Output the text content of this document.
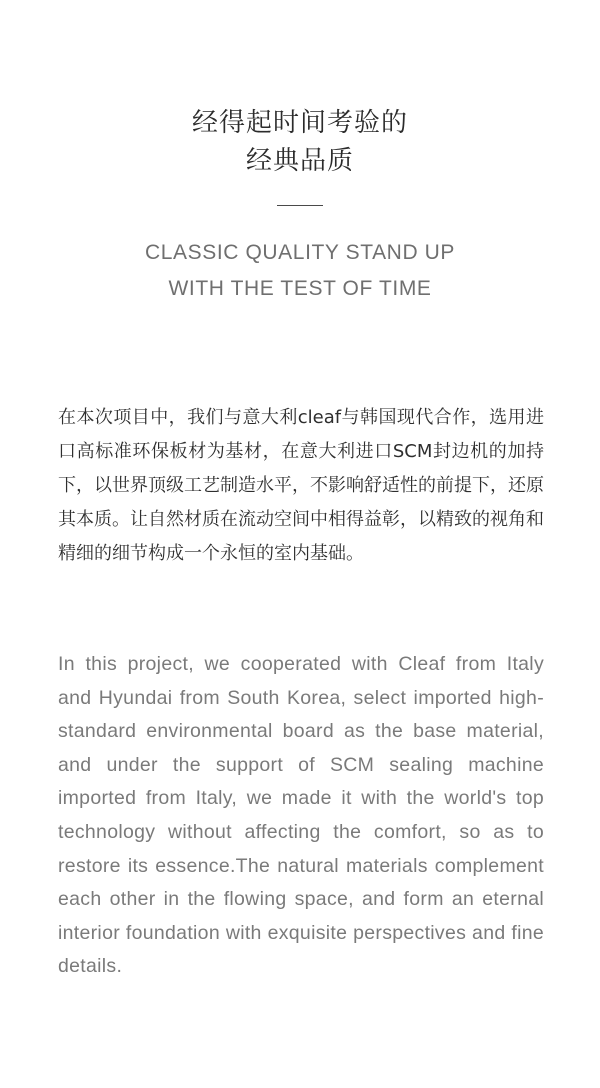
经得起时间考验的
经典品质
CLASSIC QUALITY STAND UP
WITH THE TEST OF TIME

在本次项目中，我们与意大利cleaf与韩国现代合作，选用进口高标准环保板材为基材，在意大利进口SCM封边机的加持下，以世界顶级工艺制造水平，不影响舒适性的前提下，还原其本质。让自然材质在流动空间中相得益彰，以精致的视角和精细的细节构成一个永恒的室内基础。

In this project, we cooperated with Cleaf from Italy and Hyundai from South Korea, select imported high-standard environmental board as the base material, and under the support of SCM sealing machine imported from Italy, we made it with the world's top technology without affecting the comfort, so as to restore its essence.The natural materials complement each other in the flowing space, and form an eternal interior foundation with exquisite perspectives and fine details.
